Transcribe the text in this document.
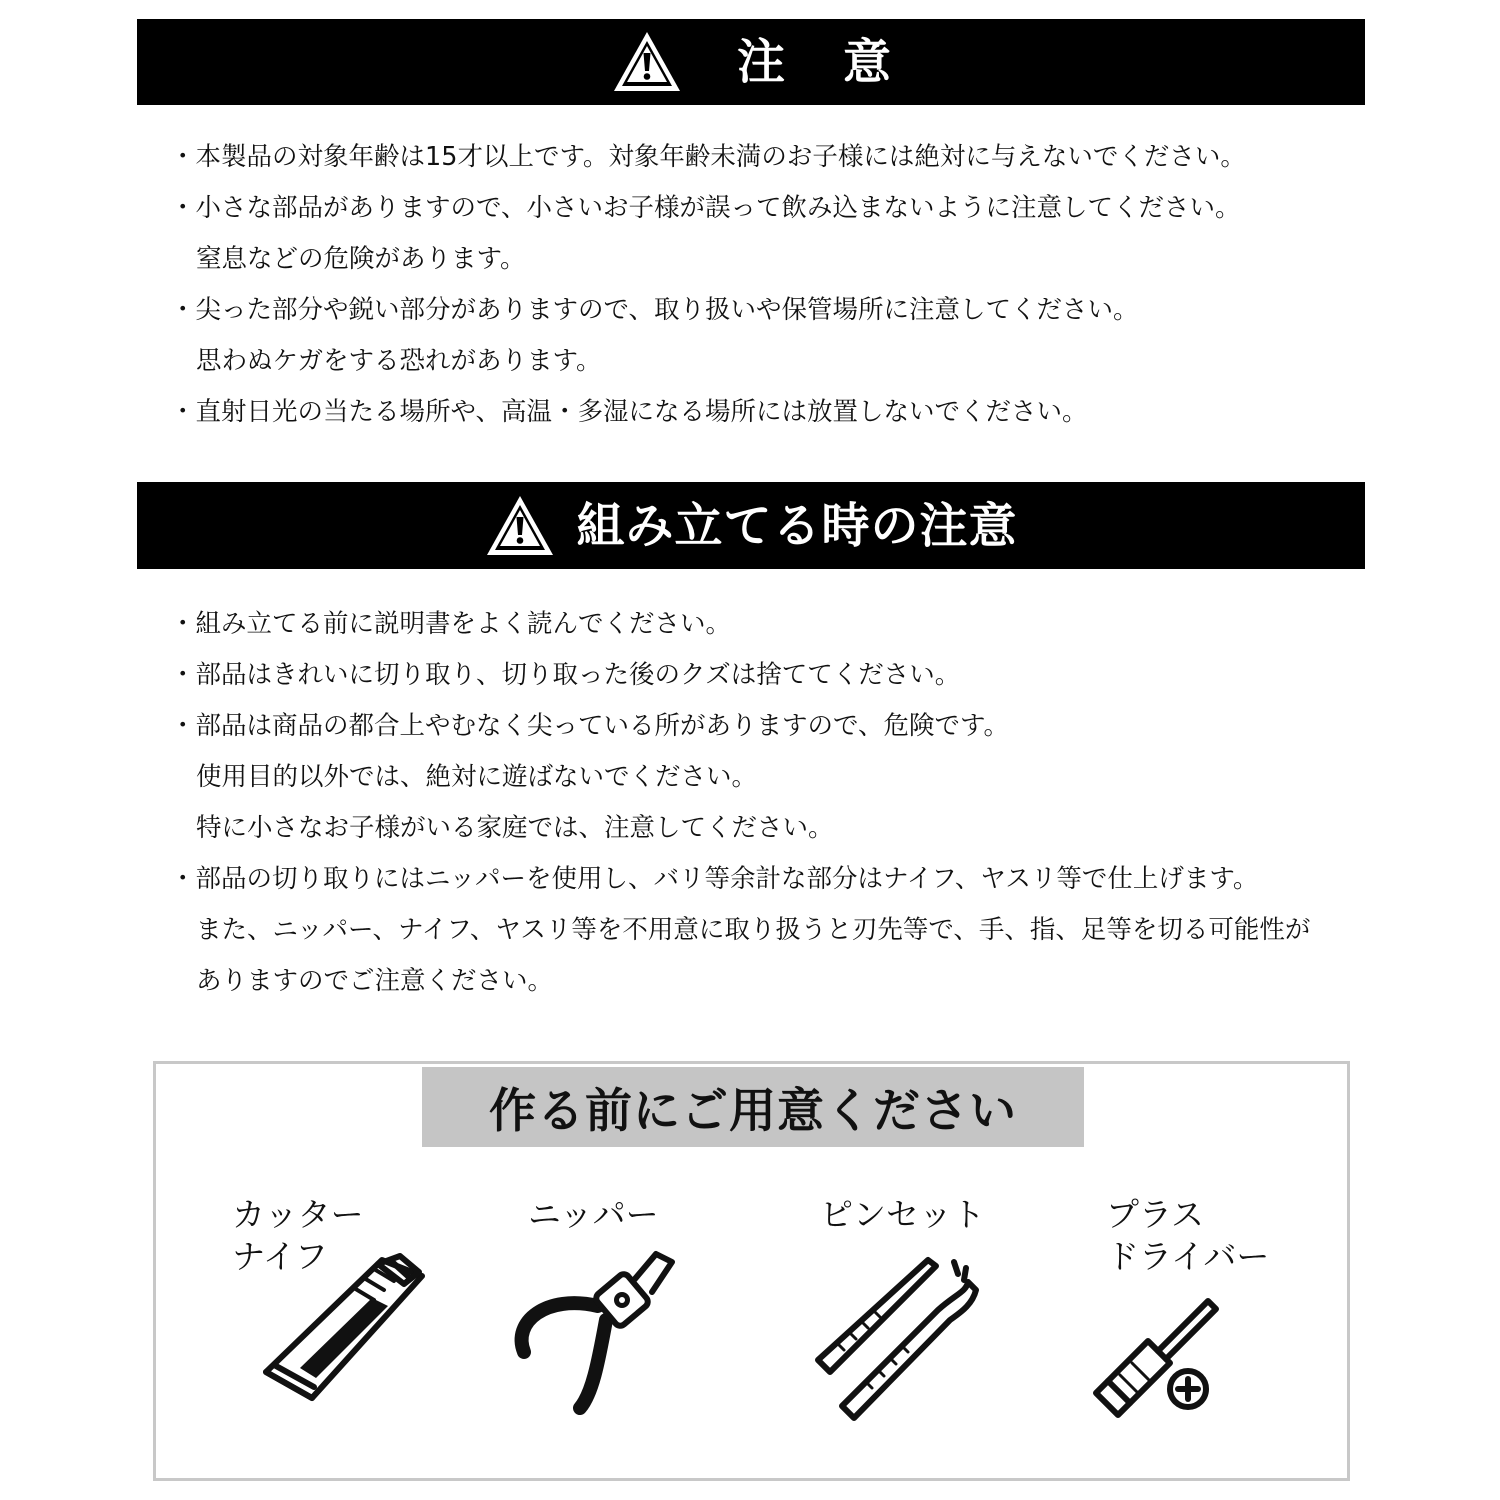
注意
・本製品の対象年齢は15才以上です。対象年齢未満のお子様には絶対に与えないでください。
・小さな部品がありますので、小さいお子様が誤って飲み込まないように注意してください。
窒息などの危険があります。
・尖った部分や鋭い部分がありますので、取り扱いや保管場所に注意してください。
思わぬケガをする恐れがあります。
・直射日光の当たる場所や、高温・多湿になる場所には放置しないでください。
組み立てる時の注意
・組み立てる前に説明書をよく読んでください。
・部品はきれいに切り取り、切り取った後のクズは捨ててください。
・部品は商品の都合上やむなく尖っている所がありますので、危険です。
使用目的以外では、絶対に遊ばないでください。
特に小さなお子様がいる家庭では、注意してください。
・部品の切り取りにはニッパーを使用し、バリ等余計な部分はナイフ、ヤスリ等で仕上げます。
また、ニッパー、ナイフ、ヤスリ等を不用意に取り扱うと刃先等で、手、指、足等を切る可能性が
ありますのでご注意ください。
作る前にご用意ください
カッター
ナイフ
ニッパー	ピンセット	プラス
ドライバー
